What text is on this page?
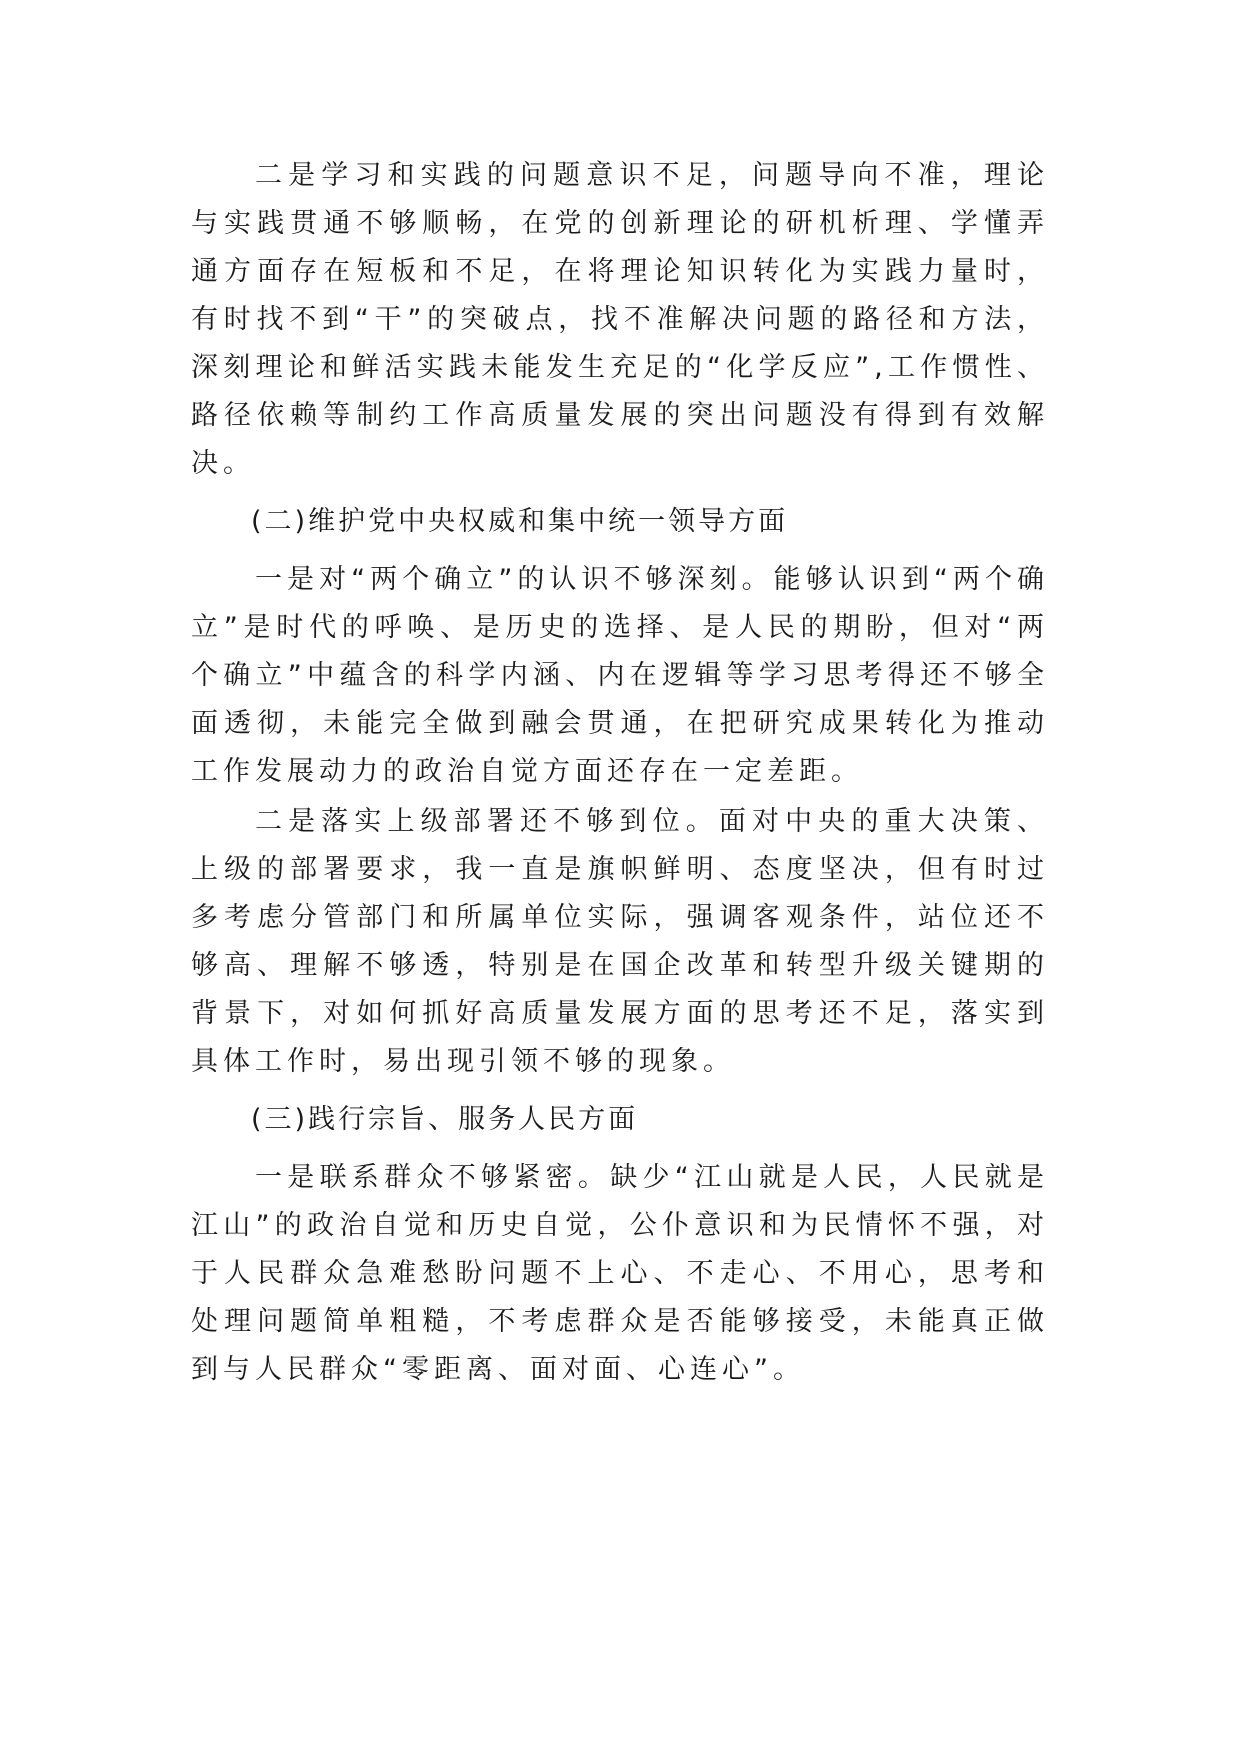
二是学习和实践的问题意识不足，问题导向不准，理论与实践贯通不够顺畅，在党的创新理论的研机析理、学懂弄通方面存在短板和不足，在将理论知识转化为实践力量时，有时找不到“干”的突破点，找不准解决问题的路径和方法，深刻理论和鲜活实践未能发生充足的“化学反应”,工作惯性、路径依赖等制约工作高质量发展的突出问题没有得到有效解决。

(二)维护党中央权威和集中统一领导方面

一是对“两个确立”的认识不够深刻。能够认识到“两个确立”是时代的呼唤、是历史的选择、是人民的期盼，但对“两个确立”中蕴含的科学内涵、内在逻辑等学习思考得还不够全面透彻，未能完全做到融会贯通，在把研究成果转化为推动工作发展动力的政治自觉方面还存在一定差距。

二是落实上级部署还不够到位。面对中央的重大决策、上级的部署要求，我一直是旗帜鲜明、态度坚决，但有时过多考虑分管部门和所属单位实际，强调客观条件，站位还不够高、理解不够透，特别是在国企改革和转型升级关键期的背景下，对如何抓好高质量发展方面的思考还不足，落实到具体工作时，易出现引领不够的现象。

(三)践行宗旨、服务人民方面

一是联系群众不够紧密。缺少“江山就是人民，人民就是江山”的政治自觉和历史自觉，公仆意识和为民情怀不强，对于人民群众急难愁盼问题不上心、不走心、不用心，思考和处理问题简单粗糙，不考虑群众是否能够接受，未能真正做到与人民群众“零距离、面对面、心连心”。
